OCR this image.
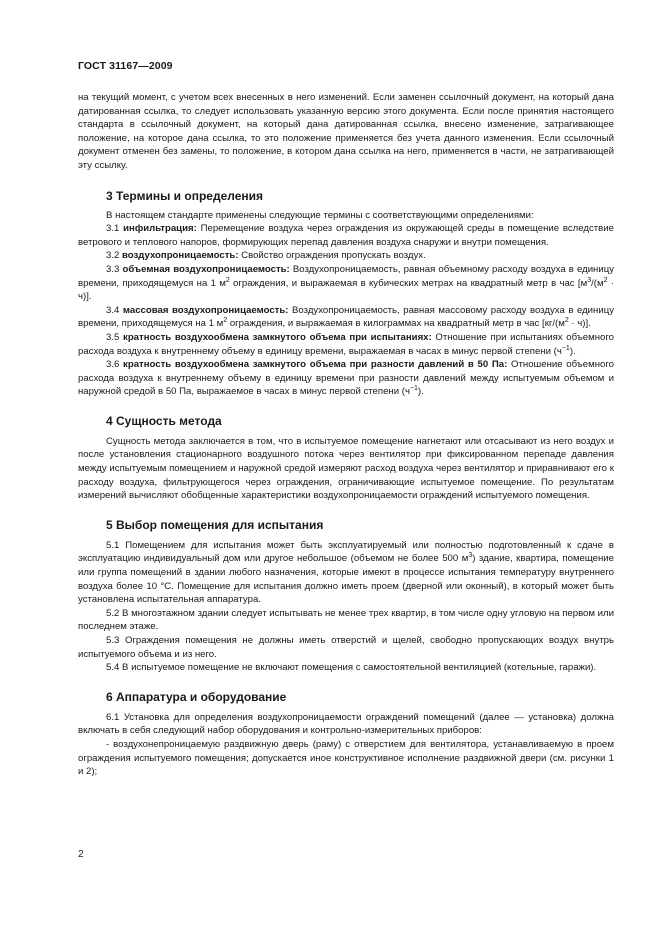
ГОСТ 31167—2009

на текущий момент, с учетом всех внесенных в него изменений. Если заменен ссылочный документ, на который дана датированная ссылка, то следует использовать указанную версию этого документа. Если после принятия настоящего стандарта в ссылочный документ, на который дана датированная ссылка, внесено изменение, затрагивающее положение, на которое дана ссылка, то это положение применяется без учета данного изменения. Если ссылочный документ отменен без замены, то положение, в котором дана ссылка на него, применяется в части, не затрагивающей эту ссылку.

3 Термины и определения

В настоящем стандарте применены следующие термины с соответствующими определениями:

3.1 инфильтрация: Перемещение воздуха через ограждения из окружающей среды в помещение вследствие ветрового и теплового напоров, формирующих перепад давления воздуха снаружи и внутри помещения.

3.2 воздухопроницаемость: Свойство ограждения пропускать воздух.

3.3 объемная воздухопроницаемость: Воздухопроницаемость, равная объемному расходу воздуха в единицу времени, приходящемуся на 1 $м^2$ ограждения, и выражаемая в кубических метрах на квадратный метр в час $[м^3/(м^2 \cdot ч)]$.

3.4 массовая воздухопроницаемость: Воздухопроницаемость, равная массовому расходу воздуха в единицу времени, приходящемуся на 1 $м^2$ ограждения, и выражаемая в килограммах на квадратный метр в час $[кг/(м^2 \cdot ч)]$.

3.5 кратность воздухообмена замкнутого объема при испытаниях: Отношение при испытаниях объемного расхода воздуха к внутреннему объему в единицу времени, выражаемая в часах в минус первой степени $(ч^{-1})$.

3.6 кратность воздухообмена замкнутого объема при разности давлений в 50 Па: Отношение объемного расхода воздуха к внутреннему объему в единицу времени при разности давлений между испытуемым объемом и наружной средой в 50 Па, выражаемое в часах в минус первой степени $(ч^{-1})$.

4 Сущность метода

Сущность метода заключается в том, что в испытуемое помещение нагнетают или отсасывают из него воздух и после установления стационарного воздушного потока через вентилятор при фиксированном перепаде давления между испытуемым помещением и наружной средой измеряют расход воздуха через вентилятор и приравнивают его к расходу воздуха, фильтрующегося через ограждения, ограничивающие испытуемое помещение. По результатам измерений вычисляют обобщенные характеристики воздухопроницаемости ограждений испытуемого помещения.

5 Выбор помещения для испытания

5.1 Помещением для испытания может быть эксплуатируемый или полностью подготовленный к сдаче в эксплуатацию индивидуальный дом или другое небольшое (объемом не более 500 $м^3$) здание, квартира, помещение или группа помещений в здании любого назначения, которые имеют в процессе испытания температуру внутреннего воздуха более 10 °С. Помещение для испытания должно иметь проем (дверной или оконный), в который может быть установлена испытательная аппаратура.

5.2 В многоэтажном здании следует испытывать не менее трех квартир, в том числе одну угловую на первом или последнем этаже.

5.3 Ограждения помещения не должны иметь отверстий и щелей, свободно пропускающих воздух внутрь испытуемого объема и из него.

5.4 В испытуемое помещение не включают помещения с самостоятельной вентиляцией (котельные, гаражи).

6 Аппаратура и оборудование

6.1 Установка для определения воздухопроницаемости ограждений помещений (далее — установка) должна включать в себя следующий набор оборудования и контрольно-измерительных приборов:

- воздухонепроницаемую раздвижную дверь (раму) с отверстием для вентилятора, устанавливаемую в проем ограждения испытуемого помещения; допускается иное конструктивное исполнение раздвижной двери (см. рисунки 1 и 2);

2
